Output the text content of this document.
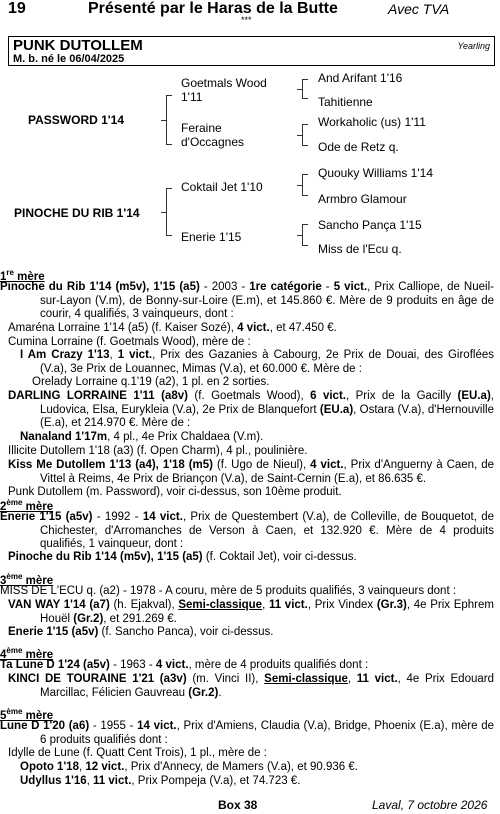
19	Présenté par le Haras de la Butte	Avec TVA
***
PUNK DUTOLLEM
M. b. né le 06/04/2025
Yearling
PASSWORD 1'14
PINOCHE DU RIB 1'14
Goetmals Wood 1'11
Feraine d'Occagnes
Coktail Jet 1'10
Enerie 1'15
And Arifant 1'16
Tahitienne
Workaholic (us) 1'11
Ode de Retz q.
Quouky Williams 1'14
Armbro Glamour
Sancho Pança 1'15
Miss de l'Ecu q.
1re mère
Pinoche du Rib 1'14 (m5v), 1'15 (a5) - 2003 - 1re catégorie - 5 vict., Prix Calliope, de Nueil-sur-Layon (V.m), de Bonny-sur-Loire (E.m), et 145.860 €. Mère de 9 produits en âge de courir, 4 qualifiés, 3 vainqueurs, dont :
Amaréna Lorraine 1'14 (a5) (f. Kaiser Sozé), 4 vict., et 47.450 €.
Cumina Lorraine (f. Goetmals Wood), mère de :
I Am Crazy 1'13, 1 vict., Prix des Gazanies à Cabourg, 2e Prix de Douai, des Giroflées (V.a), 3e Prix de Louannec, Mimas (V.a), et 60.000 €. Mère de :
Orelady Lorraine q.1'19 (a2), 1 pl. en 2 sorties.
DARLING LORRAINE 1'11 (a8v) (f. Goetmals Wood), 6 vict., Prix de la Gacilly (EU.a), Ludovica, Elsa, Eurykleia (V.a), 2e Prix de Blanquefort (EU.a), Ostara (V.a), d'Hernouville (E.a), et 214.970 €. Mère de :
Nanaland 1'17m, 4 pl., 4e Prix Chaldaea (V.m).
Illicite Dutollem 1'18 (a3) (f. Open Charm), 4 pl., poulinière.
Kiss Me Dutollem 1'13 (a4), 1'18 (m5) (f. Ugo de Nieul), 4 vict., Prix d'Anguerny à Caen, de Vittel à Reims, 4e Prix de Briançon (V.a), de Saint-Cernin (E.a), et 86.635 €.
Punk Dutollem (m. Password), voir ci-dessus, son 10ème produit.
2ème mère
Enerie 1'15 (a5v) - 1992 - 14 vict., Prix de Questembert (V.a), de Colleville, de Bouquetot, de Chichester, d'Arromanches de Verson à Caen, et 132.920 €. Mère de 4 produits qualifiés, 1 vainqueur, dont :
Pinoche du Rib 1'14 (m5v), 1'15 (a5) (f. Coktail Jet), voir ci-dessus.
3ème mère
MISS DE L'ECU q. (a2) - 1978 - A couru, mère de 5 produits qualifiés, 3 vainqueurs dont :
VAN WAY 1'14 (a7) (h. Ejakval), Semi-classique, 11 vict., Prix Vindex (Gr.3), 4e Prix Ephrem Houël (Gr.2), et 291.269 €.
Enerie 1'15 (a5v) (f. Sancho Panca), voir ci-dessus.
4ème mère
Ta Lune D 1'24 (a5v) - 1963 - 4 vict., mère de 4 produits qualifiés dont :
KINCI DE TOURAINE 1'21 (a3v) (m. Vinci II), Semi-classique, 11 vict., 4e Prix Edouard Marcillac, Félicien Gauvreau (Gr.2).
5ème mère
Lune D 1'20 (a6) - 1955 - 14 vict., Prix d'Amiens, Claudia (V.a), Bridge, Phoenix (E.a), mère de 6 produits qualifiés dont :
Idylle de Lune (f. Quatt Cent Trois), 1 pl., mère de :
Opoto 1'18, 12 vict., Prix d'Annecy, de Mamers (V.a), et 90.936 €.
Udyllus 1'16, 11 vict., Prix Pompeja (V.a), et 74.723 €.
Box 38	Laval, 7 octobre 2026
